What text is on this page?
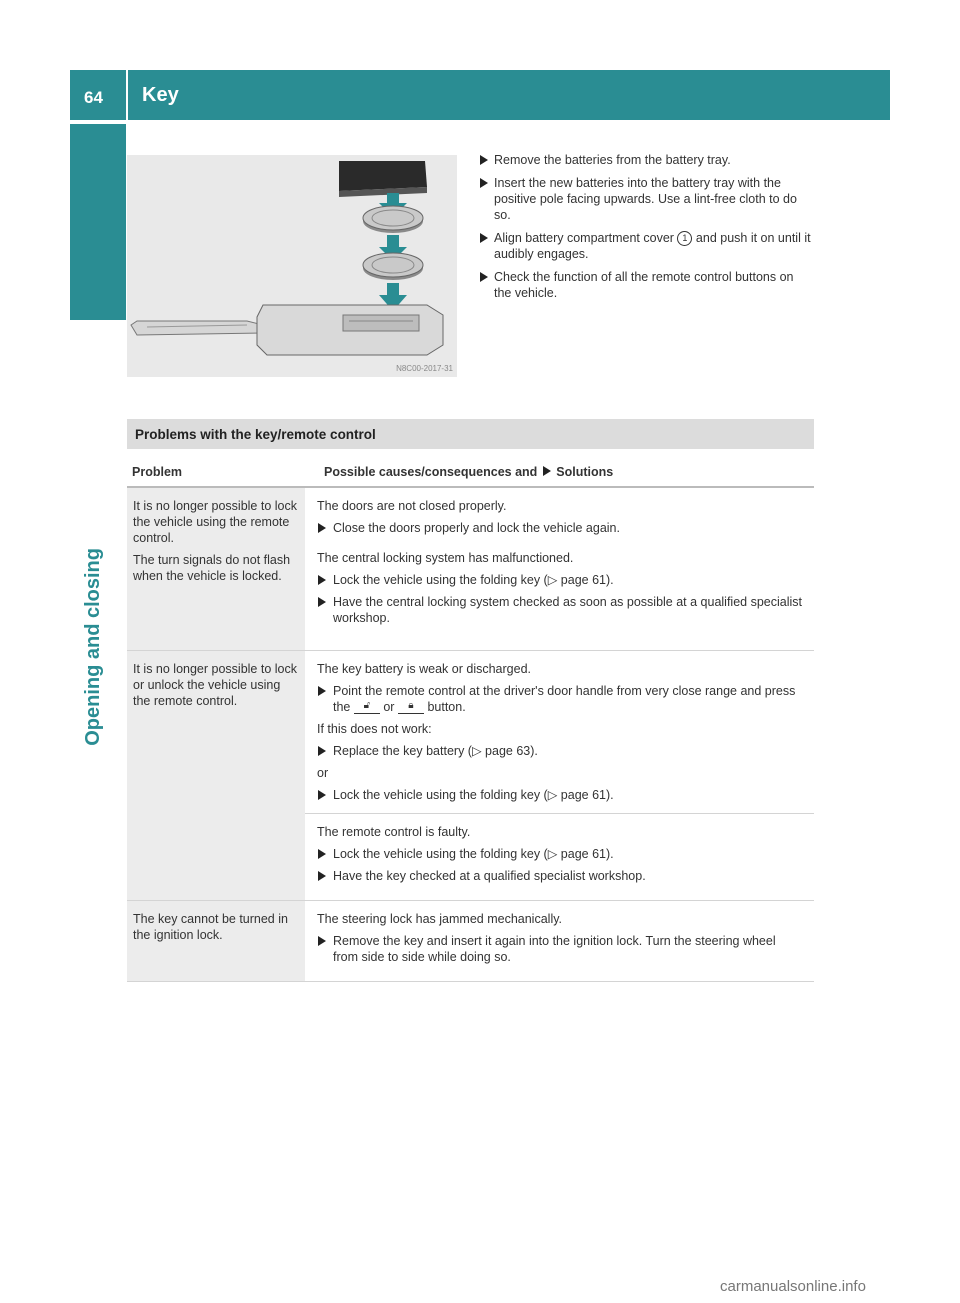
64 Key
Opening and closing
N8C00-2017-31
Remove the batteries from the battery tray.
Insert the new batteries into the battery tray with the positive pole facing upwards. Use a lint-free cloth to do so.
Align battery compartment cover 1 and push it on until it audibly engages.
Check the function of all the remote control buttons on the vehicle.
Problems with the key/remote control
Problem	Possible causes/consequences and Solutions

It is no longer possible to lock the vehicle using the remote control.

The turn signals do not flash when the vehicle is locked.

The doors are not closed properly.

Close the doors properly and lock the vehicle again.

The central locking system has malfunctioned.

Lock the vehicle using the folding key (▷ page 61).

Have the central locking system checked as soon as possible at a qualified specialist workshop.

It is no longer possible to lock or unlock the vehicle using the remote control.

The key battery is weak or discharged.

Point the remote control at the driver's door handle from very close range and press the 🔓︎ or 🔒︎ button.

If this does not work:

Replace the key battery (▷ page 63).

or

Lock the vehicle using the folding key (▷ page 61).

The remote control is faulty.

Lock the vehicle using the folding key (▷ page 61).

Have the key checked at a qualified specialist workshop.

The key cannot be turned in the ignition lock.

The steering lock has jammed mechanically.

Remove the key and insert it again into the ignition lock. Turn the steering wheel from side to side while doing so.

carmanualsonline.info
